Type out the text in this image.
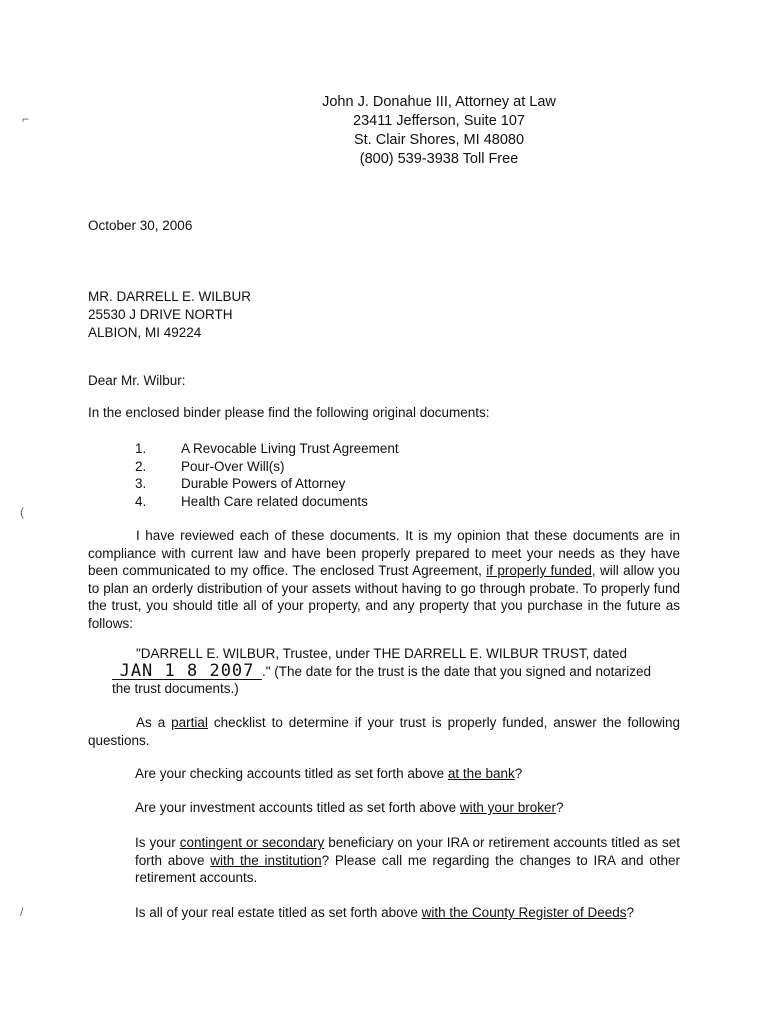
⌐
(
/
John J. Donahue III, Attorney at Law
23411 Jefferson, Suite 107
St. Clair Shores, MI 48080
(800) 539-3938 Toll Free
October 30, 2006
MR. DARRELL E. WILBUR
25530 J DRIVE NORTH
ALBION, MI 49224
Dear Mr. Wilbur:
In the enclosed binder please find the following original documents:
1.	A Revocable Living Trust Agreement
2.	Pour-Over Will(s)
3.	Durable Powers of Attorney
4.	Health Care related documents
I have reviewed each of these documents. It is my opinion that these documents are in compliance with current law and have been properly prepared to meet your needs as they have been communicated to my office. The enclosed Trust Agreement, if properly funded, will allow you to plan an orderly distribution of your assets without having to go through probate. To properly fund the trust, you should title all of your property, and any property that you purchase in the future as follows:
"DARRELL E. WILBUR, Trustee, under THE DARRELL E. WILBUR TRUST, dated
JAN 1 8 2007 ." (The date for the trust is the date that you signed and notarized the trust documents.)
As a partial checklist to determine if your trust is properly funded, answer the following questions.
Are your checking accounts titled as set forth above at the bank?
Are your investment accounts titled as set forth above with your broker?
Is your contingent or secondary beneficiary on your IRA or retirement accounts titled as set forth above with the institution? Please call me regarding the changes to IRA and other retirement accounts.
Is all of your real estate titled as set forth above with the County Register of Deeds?
